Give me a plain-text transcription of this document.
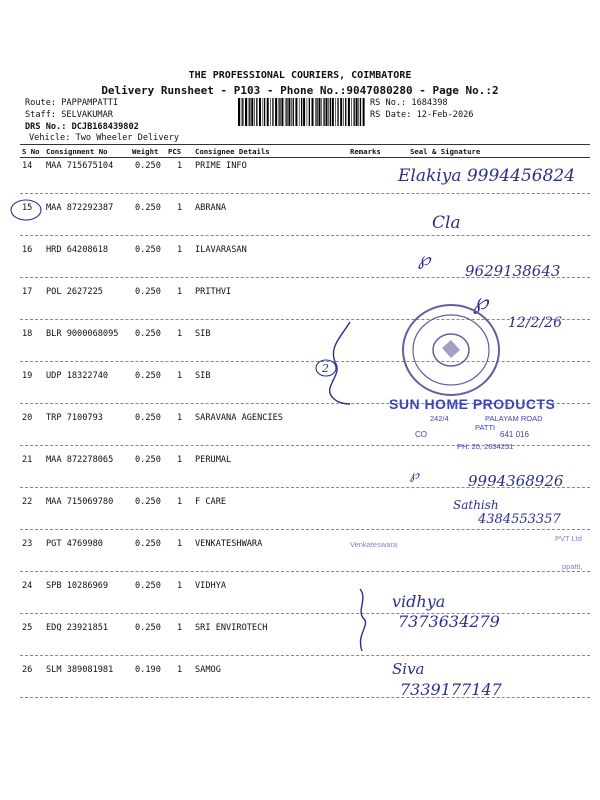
THE PROFESSIONAL COURIERS, COIMBATORE
Delivery Runsheet - P103 - Phone No.:9047080280 - Page No.:2
Route: PAPPAMPATTI
Staff: SELVAKUMAR
DRS No.: DCJB168439802
Vehicle: Two Wheeler Delivery
RS No.: 1684398
RS Date: 12-Feb-2026
S No Consignment No	Weight PCS Consignee Details	Remarks	Seal & Signature
14 MAA 715675104	0.250 1 PRIME INFO
15 MAA 872292387	0.250 1 ABRANA
16 HRD 64208618	0.250 1 ILAVARASAN
17 POL 2627225	0.250 1 PRITHVI
18 BLR 9000068095 0.250 1 SIB
19 UDP 18322740	0.250 1 SIB
20 TRP 7100793	0.250 1 SARAVANA AGENCIES
21 MAA 872278065	0.250 1 PERUMAL
22 MAA 715069780	0.250 1 F CARE
23 PGT 4769980	0.250 1 VENKATESHWARA
24 SPB 10286969	0.250 1 VIDHYA
25 EDQ 23921851	0.250 1 SRI ENVIROTECH
26 SLM 389081981	0.190 1 SAMOG
Elakiya 9994456824
Cla
℘
9629138643
℘
12/2/26
2
SUN HOME PRODUCTS
242/4	PALAYAM ROAD
PATTI
CO	641 016
PH: 20, 2634251
℘	9994368926
Sathish
4384553357
Venkateswara
PVT Ltd
ppatti,
vidhya
7373634279
Siva
7339177147
